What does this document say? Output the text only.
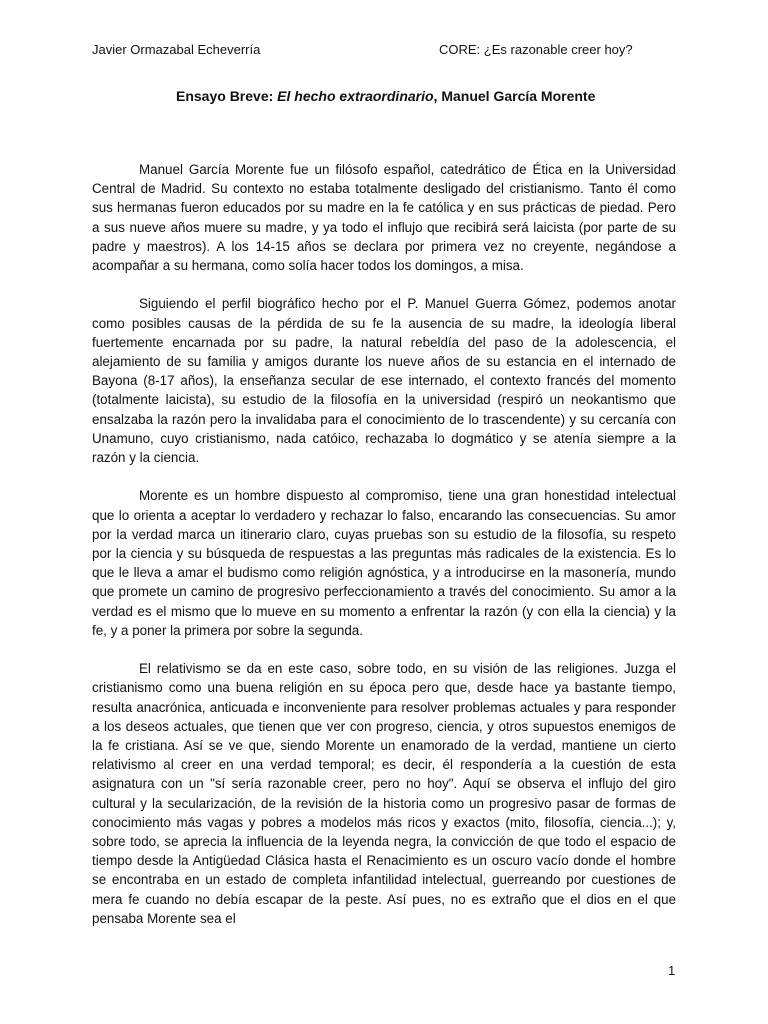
Javier Ormazabal Echeverría	CORE: ¿Es razonable creer hoy?
Ensayo Breve: El hecho extraordinario, Manuel García Morente

Manuel García Morente fue un filósofo español, catedrático de Ética en la Universidad Central de Madrid. Su contexto no estaba totalmente desligado del cristianismo. Tanto él como sus hermanas fueron educados por su madre en la fe católica y en sus prácticas de piedad. Pero a sus nueve años muere su madre, y ya todo el influjo que recibirá será laicista (por parte de su padre y maestros). A los 14-15 años se declara por primera vez no creyente, negándose a acompañar a su hermana, como solía hacer todos los domingos, a misa.

Siguiendo el perfil biográfico hecho por el P. Manuel Guerra Gómez, podemos anotar como posibles causas de la pérdida de su fe la ausencia de su madre, la ideología liberal fuertemente encarnada por su padre, la natural rebeldía del paso de la adolescencia, el alejamiento de su familia y amigos durante los nueve años de su estancia en el internado de Bayona (8-17 años), la enseñanza secular de ese internado, el contexto francés del momento (totalmente laicista), su estudio de la filosofía en la universidad (respiró un neokantismo que ensalzaba la razón pero la invalidaba para el conocimiento de lo trascendente) y su cercanía con Unamuno, cuyo cristianismo, nada catóico, rechazaba lo dogmático y se atenía siempre a la razón y la ciencia.

Morente es un hombre dispuesto al compromiso, tiene una gran honestidad intelectual que lo orienta a aceptar lo verdadero y rechazar lo falso, encarando las consecuencias. Su amor por la verdad marca un itinerario claro, cuyas pruebas son su estudio de la filosofía, su respeto por la ciencia y su búsqueda de respuestas a las preguntas más radicales de la existencia. Es lo que le lleva a amar el budismo como religión agnóstica, y a introducirse en la masonería, mundo que promete un camino de progresivo perfeccionamiento a través del conocimiento. Su amor a la verdad es el mismo que lo mueve en su momento a enfrentar la razón (y con ella la ciencia) y la fe, y a poner la primera por sobre la segunda.

El relativismo se da en este caso, sobre todo, en su visión de las religiones. Juzga el cristianismo como una buena religión en su época pero que, desde hace ya bastante tiempo, resulta anacrónica, anticuada e inconveniente para resolver problemas actuales y para responder a los deseos actuales, que tienen que ver con progreso, ciencia, y otros supuestos enemigos de la fe cristiana. Así se ve que, siendo Morente un enamorado de la verdad, mantiene un cierto relativismo al creer en una verdad temporal; es decir, él respondería a la cuestión de esta asignatura con un "sí sería razonable creer, pero no hoy". Aquí se observa el influjo del giro cultural y la secularización, de la revisión de la historia como un progresivo pasar de formas de conocimiento más vagas y pobres a modelos más ricos y exactos (mito, filosofía, ciencia...); y, sobre todo, se aprecia la influencia de la leyenda negra, la convicción de que todo el espacio de tiempo desde la Antigüedad Clásica hasta el Renacimiento es un oscuro vacío donde el hombre se encontraba en un estado de completa infantilidad intelectual, guerreando por cuestiones de mera fe cuando no debía escapar de la peste. Así pues, no es extraño que el dios en el que pensaba Morente sea el

1
